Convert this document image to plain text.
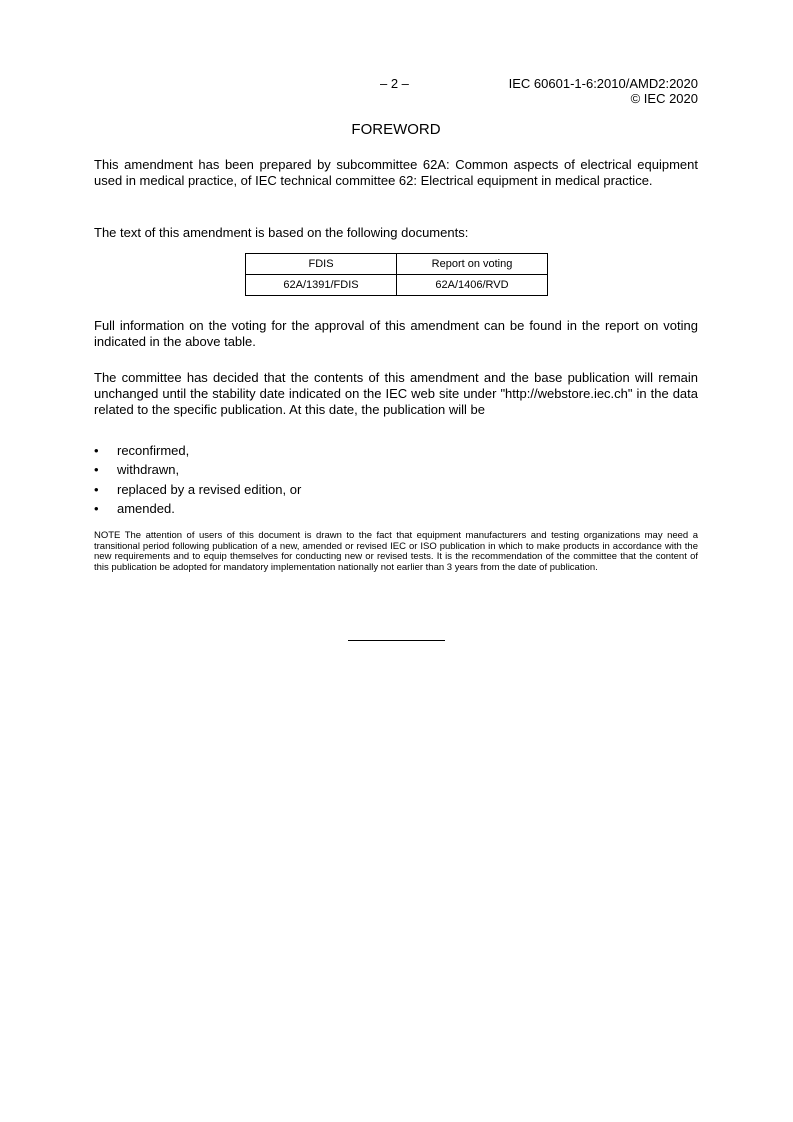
– 2 –	IEC 60601-1-6:2010/AMD2:2020
© IEC 2020
FOREWORD

This amendment has been prepared by subcommittee 62A: Common aspects of electrical equipment used in medical practice, of IEC technical committee 62: Electrical equipment in medical practice.

The text of this amendment is based on the following documents:

FDIS	Report on voting
62A/1391/FDIS	62A/1406/RVD

Full information on the voting for the approval of this amendment can be found in the report on voting indicated in the above table.

The committee has decided that the contents of this amendment and the base publication will remain unchanged until the stability date indicated on the IEC web site under "http://webstore.iec.ch" in the data related to the specific publication. At this date, the publication will be

• reconfirmed,
• withdrawn,
• replaced by a revised edition, or
• amended.

NOTE The attention of users of this document is drawn to the fact that equipment manufacturers and testing organizations may need a transitional period following publication of a new, amended or revised IEC or ISO publication in which to make products in accordance with the new requirements and to equip themselves for conducting new or revised tests. It is the recommendation of the committee that the content of this publication be adopted for mandatory implementation nationally not earlier than 3 years from the date of publication.
